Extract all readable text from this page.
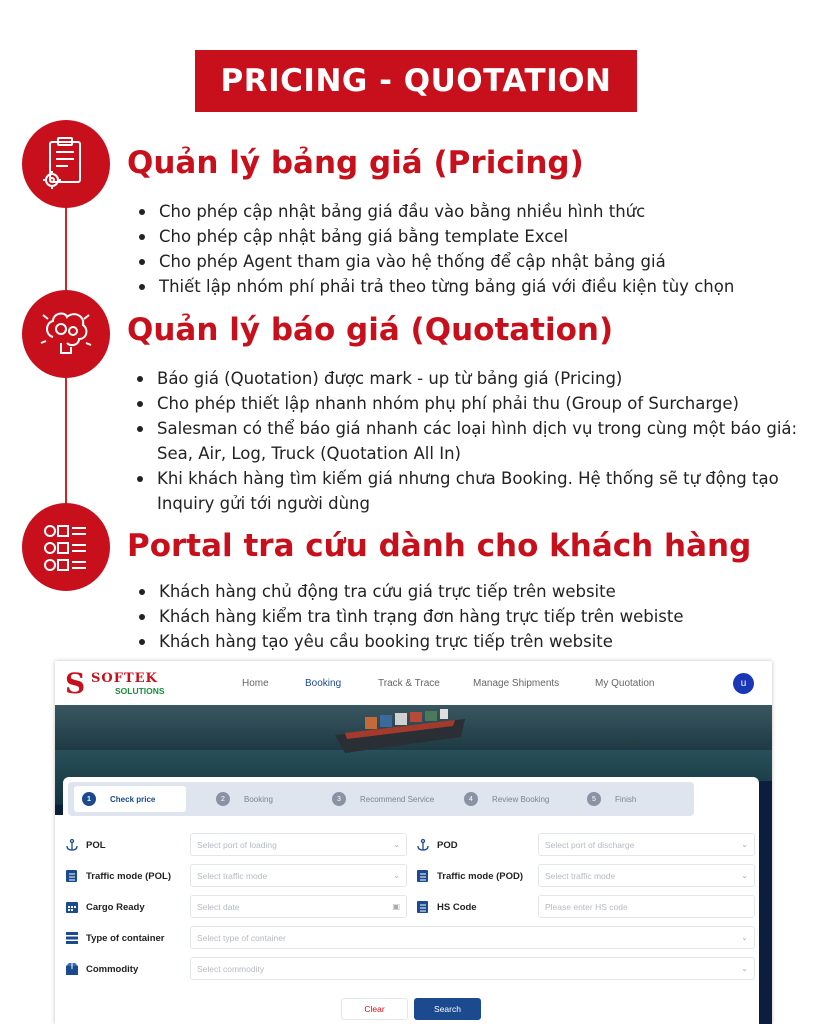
PRICING - QUOTATION
Quản lý bảng giá (Pricing)
Cho phép cập nhật bảng giá đầu vào bằng nhiều hình thức
Cho phép cập nhật bảng giá bằng template Excel
Cho phép Agent tham gia vào hệ thống để cập nhật bảng giá
Thiết lập nhóm phí phải trả theo từng bảng giá với điều kiện tùy chọn
Quản lý báo giá (Quotation)
Báo giá (Quotation) được mark - up từ bảng giá (Pricing)
Cho phép thiết lập nhanh nhóm phụ phí phải thu (Group of Surcharge)
Salesman có thể báo giá nhanh các loại hình dịch vụ trong cùng một báo giá: Sea, Air, Log, Truck (Quotation All In)
Khi khách hàng tìm kiếm giá nhưng chưa Booking. Hệ thống sẽ tự động tạo Inquiry gửi tới người dùng
Portal tra cứu dành cho khách hàng
Khách hàng chủ động tra cứu giá trực tiếp trên website
Khách hàng kiểm tra tình trạng đơn hàng trực tiếp trên webiste
Khách hàng tạo yêu cầu booking trực tiếp trên website
S SOFTEK
SOLUTIONS
Home	Booking	Track & Trace	Manage Shipments	My Quotation	u
1	Check price	2	Booking	3	Recommend Service	4	Review Booking	5	Finish
POL	Select port of loading	⌄	POD	Select port of discharge	⌄
Traffic mode (POL)	Select traffic mode	⌄	Traffic mode (POD)	Select traffic mode	⌄
Cargo Ready	Select date	▣	HS Code	Please enter HS code
Type of container	Select type of container	⌄
Commodity	Select commodity	⌄
Clear	Search
